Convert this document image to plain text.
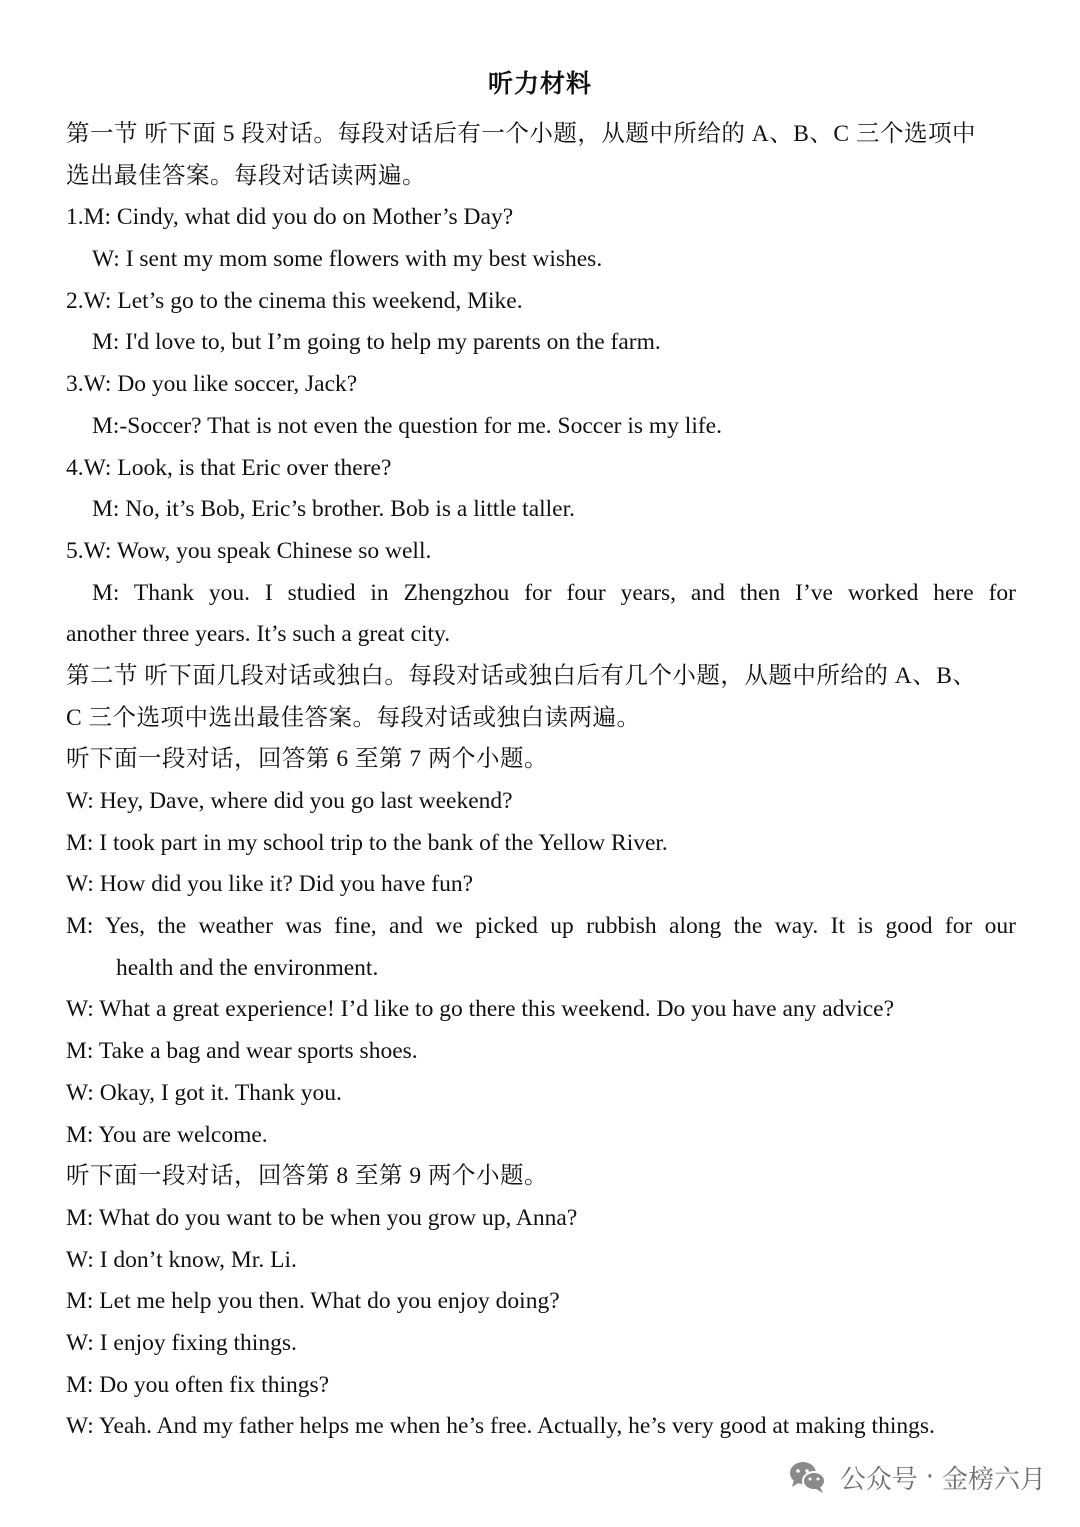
听力材料
第一节 听下面 5 段对话。每段对话后有一个小题，从题中所给的 A、B、C 三个选项中
选出最佳答案。每段对话读两遍。
1.M: Cindy, what did you do on Mother’s Day?
W: I sent my mom some flowers with my best wishes.
2.W: Let’s go to the cinema this weekend, Mike.
M: I'd love to, but I’m going to help my parents on the farm.
3.W: Do you like soccer, Jack?
M:-Soccer? That is not even the question for me. Soccer is my life.
4.W: Look, is that Eric over there?
M: No, it’s Bob, Eric’s brother. Bob is a little taller.
5.W: Wow, you speak Chinese so well.
M: Thank you. I studied in Zhengzhou for four years, and then I’ve worked here for
another three years. It’s such a great city.
第二节 听下面几段对话或独白。每段对话或独白后有几个小题，从题中所给的 A、B、
C 三个选项中选出最佳答案。每段对话或独白读两遍。
听下面一段对话，回答第 6 至第 7 两个小题。
W: Hey, Dave, where did you go last weekend?
M: I took part in my school trip to the bank of the Yellow River.
W: How did you like it? Did you have fun?
M: Yes, the weather was fine, and we picked up rubbish along the way. It is good for our
health and the environment.
W: What a great experience! I’d like to go there this weekend. Do you have any advice?
M: Take a bag and wear sports shoes.
W: Okay, I got it. Thank you.
M: You are welcome.
听下面一段对话，回答第 8 至第 9 两个小题。
M: What do you want to be when you grow up, Anna?
W: I don’t know, Mr. Li.
M: Let me help you then. What do you enjoy doing?
W: I enjoy fixing things.
M: Do you often fix things?
W: Yeah. And my father helps me when he’s free. Actually, he’s very good at making things.
公众号 · 金榜六月
